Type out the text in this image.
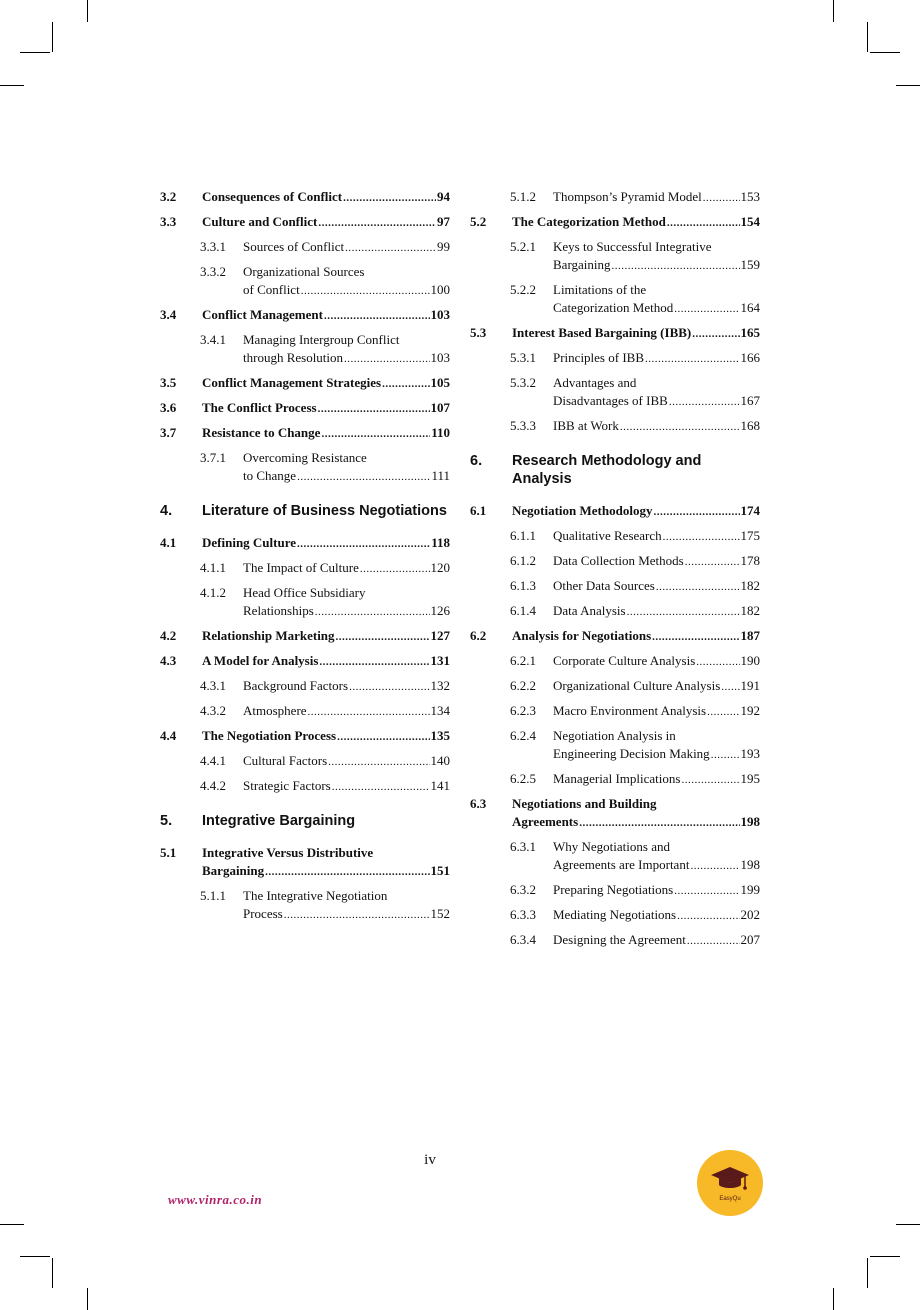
3.2	Consequences of Conflict .....	94
3.3	Culture and Conflict .....	97
3.3.1	Sources of Conflict .....	99
3.3.2	Organizational Sources
of Conflict .....	100
3.4	Conflict Management .....	103
3.4.1	Managing Intergroup Conflict
through Resolution .....	103
3.5	Conflict Management Strategies .....	105
3.6	The Conflict Process .....	107
3.7	Resistance to Change .....	110
3.7.1	Overcoming Resistance
to Change .....	111
4.	Literature of Business Negotiations
4.1	Defining Culture .....	118
4.1.1	The Impact of Culture .....	120
4.1.2	Head Office Subsidiary
Relationships .....	126
4.2	Relationship Marketing .....	127
4.3	A Model for Analysis .....	131
4.3.1	Background Factors .....	132
4.3.2	Atmosphere .....	134
4.4	The Negotiation Process .....	135
4.4.1	Cultural Factors .....	140
4.4.2	Strategic Factors .....	141
5.	Integrative Bargaining
5.1	Integrative Versus Distributive
Bargaining .....	151
5.1.1	The Integrative Negotiation
Process .....	152
5.1.2	Thompson’s Pyramid Model .....	153
5.2	The Categorization Method .....	154
5.2.1	Keys to Successful Integrative
Bargaining .....	159
5.2.2	Limitations of the
Categorization Method .....	164
5.3	Interest Based Bargaining (IBB) .....	165
5.3.1	Principles of IBB .....	166
5.3.2	Advantages and
Disadvantages of IBB .....	167
5.3.3	IBB at Work .....	168
6.	Research Methodology and
Analysis
6.1	Negotiation Methodology .....	174
6.1.1	Qualitative Research .....	175
6.1.2	Data Collection Methods .....	178
6.1.3	Other Data Sources .....	182
6.1.4	Data Analysis .....	182
6.2	Analysis for Negotiations .....	187
6.2.1	Corporate Culture Analysis .....	190
6.2.2	Organizational Culture Analysis ..... 191
6.2.3	Macro Environment Analysis .....	192
6.2.4	Negotiation Analysis in
Engineering Decision Making ..... 193
6.2.5	Managerial Implications .....	195
6.3	Negotiations and Building
Agreements .....	198
6.3.1	Why Negotiations and
Agreements are Important .....	198
6.3.2	Preparing Negotiations .....	199
6.3.3	Mediating Negotiations .....	202
6.3.4	Designing the Agreement .....	207
iv
www.vinra.co.in	EasyQu
